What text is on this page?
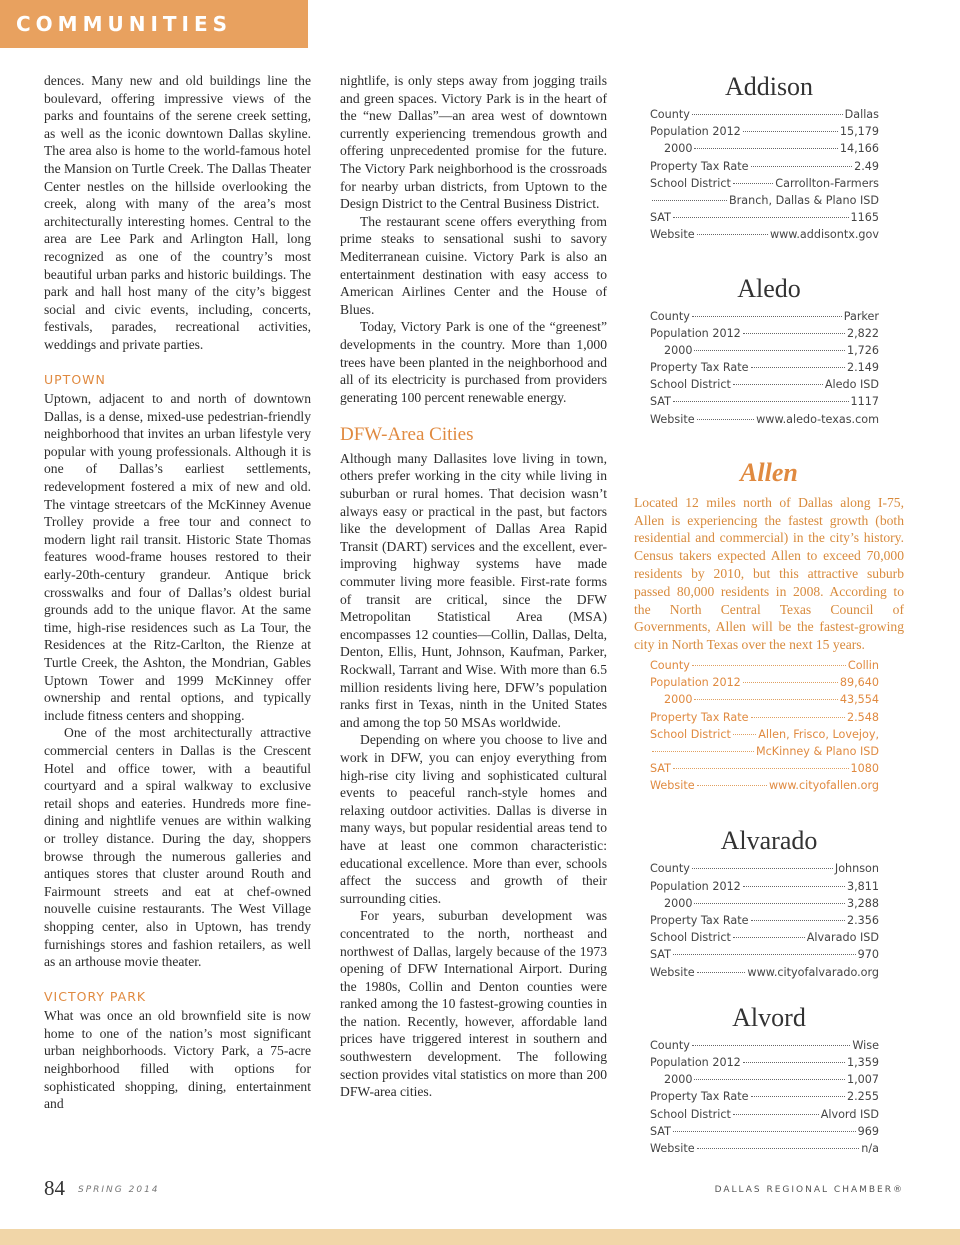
COMMUNITIES

dences. Many new and old buildings line the boulevard, offering impressive views of the parks and fountains of the serene creek setting, as well as the iconic downtown Dallas skyline. The area also is home to the world-famous hotel the Mansion on Turtle Creek. The Dallas Theater Center nestles on the hillside overlooking the creek, along with many of the area’s most architecturally interesting homes. Central to the area are Lee Park and Arlington Hall, long recognized as one of the country’s most beautiful urban parks and historic buildings. The park and hall host many of the city’s biggest social and civic events, including, concerts, festivals, parades, recreational activities, weddings and private parties.

UPTOWN

Uptown, adjacent to and north of downtown Dallas, is a dense, mixed-use pedestrian-friendly neighborhood that invites an urban lifestyle very popular with young professionals. Although it is one of Dallas’s earliest settlements, redevelopment fostered a mix of new and old. The vintage streetcars of the McKinney Avenue Trolley provide a free tour and connect to modern light rail transit. Historic State Thomas features wood-frame houses restored to their early-20th-century grandeur. Antique brick crosswalks and four of Dallas’s oldest burial grounds add to the unique flavor. At the same time, high-rise residences such as La Tour, the Residences at the Ritz-Carlton, the Rienze at Turtle Creek, the Ashton, the Mondrian, Gables Uptown Tower and 1999 McKinney offer ownership and rental options, and typically include fitness centers and shopping.

One of the most architecturally attractive commercial centers in Dallas is the Crescent Hotel and office tower, with a beautiful courtyard and a spiral walkway to exclusive retail shops and eateries. Hundreds more fine-dining and nightlife venues are within walking or trolley distance. During the day, shoppers browse through the numerous galleries and antiques stores that cluster around Routh and Fairmount streets and eat at chef-owned nouvelle cuisine restaurants. The West Village shopping center, also in Uptown, has trendy furnishings stores and fashion retailers, as well as an arthouse movie theater.

VICTORY PARK

What was once an old brownfield site is now home to one of the nation’s most significant urban neighborhoods. Victory Park, a 75-acre neighborhood filled with options for sophisticated shopping, dining, entertainment and

nightlife, is only steps away from jogging trails and green spaces. Victory Park is in the heart of the “new Dallas”—an area west of downtown currently experiencing tremendous growth and offering unprecedented promise for the future. The Victory Park neighborhood is the crossroads for nearby urban districts, from Uptown to the Design District to the Central Business District.

The restaurant scene offers everything from prime steaks to sensational sushi to savory Mediterranean cuisine. Victory Park is also an entertainment destination with easy access to American Airlines Center and the House of Blues.

Today, Victory Park is one of the “greenest” developments in the country. More than 1,000 trees have been planted in the neighborhood and all of its electricity is purchased from providers generating 100 percent renewable energy.

DFW-Area Cities

Although many Dallasites love living in town, others prefer working in the city while living in suburban or rural homes. That decision wasn’t always easy or practical in the past, but factors like the development of Dallas Area Rapid Transit (DART) services and the excellent, ever-improving highway systems have made commuter living more feasible. First-rate forms of transit are critical, since the DFW Metropolitan Statistical Area (MSA) encompasses 12 counties—Collin, Dallas, Delta, Denton, Ellis, Hunt, Johnson, Kaufman, Parker, Rockwall, Tarrant and Wise. With more than 6.5 million residents living here, DFW’s population ranks first in Texas, ninth in the United States and among the top 50 MSAs worldwide.

Depending on where you choose to live and work in DFW, you can enjoy everything from high-rise city living and sophisticated cultural events to peaceful ranch-style homes and relaxing outdoor activities. Dallas is diverse in many ways, but popular residential areas tend to have at least one common characteristic: educational excellence. More than ever, schools affect the success and growth of their surrounding cities.

For years, suburban development was concentrated to the north, northeast and northwest of Dallas, largely because of the 1973 opening of DFW International Airport. During the 1980s, Collin and Denton counties were ranked among the 10 fastest-growing counties in the nation. Recently, however, affordable land prices have triggered interest in southern and southwestern development. The following section provides vital statistics on more than 200 DFW-area cities.

Addison
County	Dallas
Population 2012	15,179
2000	14,166
Property Tax Rate	2.49
School District	Carrollton-Farmers
Branch, Dallas & Plano ISD
SAT	1165
Website	www.addisontx.gov
Aledo
County	Parker
Population 2012	2,822
2000	1,726
Property Tax Rate	2.149
School District	Aledo ISD
SAT	1117
Website	www.aledo-texas.com
Allen

Located 12 miles north of Dallas along I-75, Allen is experiencing the fastest growth (both residential and commercial) in the city’s history. Census takers expected Allen to exceed 70,000 residents by 2010, but this attractive suburb passed 80,000 residents in 2008. According to the North Central Texas Council of Governments, Allen will be the fastest-growing city in North Texas over the next 15 years.

County	Collin
Population 2012	89,640
2000	43,554
Property Tax Rate	2.548
School District Allen, Frisco, Lovejoy,
McKinney & Plano ISD
SAT	1080
Website	www.cityofallen.org
Alvarado
County	Johnson
Population 2012	3,811
2000	3,288
Property Tax Rate	2.356
School District	Alvarado ISD
SAT	970
Website	www.cityofalvarado.org
Alvord
County	Wise
Population 2012	1,359
2000	1,007
Property Tax Rate	2.255
School District	Alvord ISD
SAT	969
Website	n/a
84 SPRING 2014	DALLAS REGIONAL CHAMBER®
